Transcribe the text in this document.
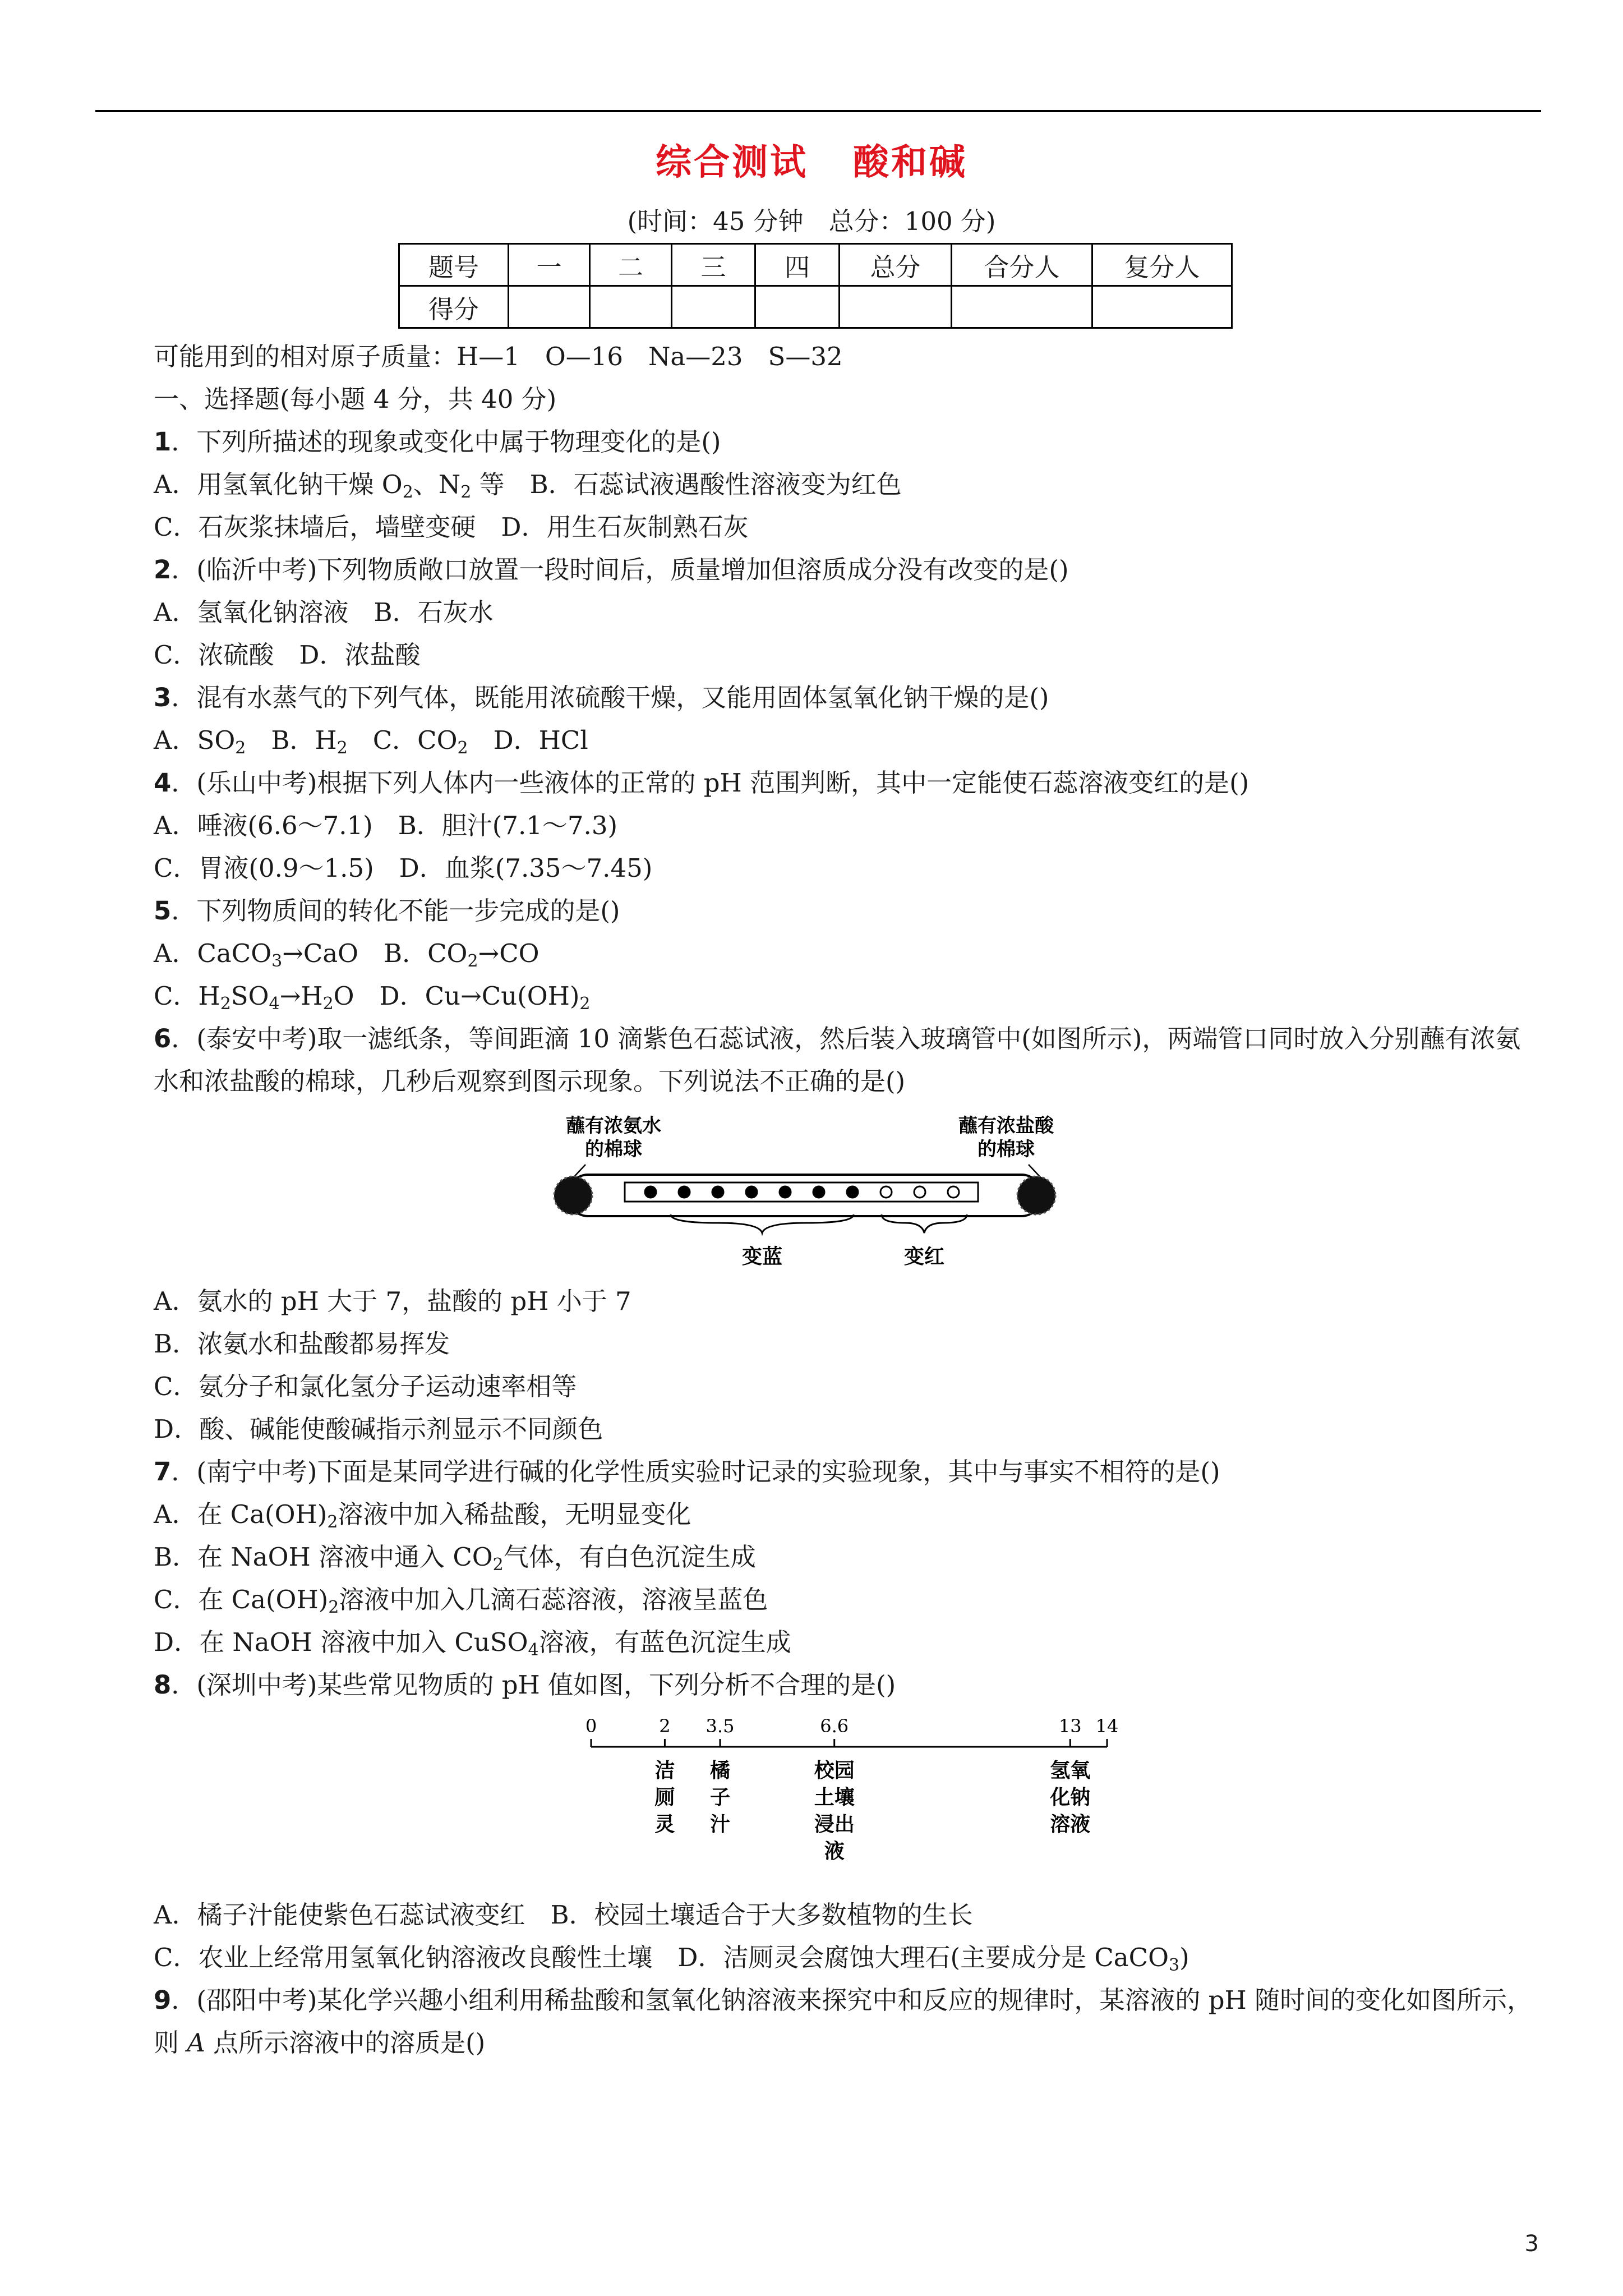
综合测试 酸和碱
(时间：45 分钟　总分：100 分)
题号	一	二	三	四	总分	合分人	复分人
得分							
可能用到的相对原子质量：H—1　O—16　Na—23　S—32
一、选择题(每小题 4 分，共 40 分)
1．下列所描述的现象或变化中属于物理变化的是()
A．用氢氧化钠干燥 $O_2$、$N_2$ 等　B．石蕊试液遇酸性溶液变为红色
C．石灰浆抹墙后，墙壁变硬　D．用生石灰制熟石灰
2．(临沂中考)下列物质敞口放置一段时间后，质量增加但溶质成分没有改变的是()
A．氢氧化钠溶液　B．石灰水
C．浓硫酸　D．浓盐酸
3．混有水蒸气的下列气体，既能用浓硫酸干燥，又能用固体氢氧化钠干燥的是()
A．$SO_2$　B．$H_2$　C．$CO_2$　D．HCl
4．(乐山中考)根据下列人体内一些液体的正常的 pH 范围判断，其中一定能使石蕊溶液变红的是()
A．唾液(6.6～7.1)　B．胆汁(7.1～7.3)
C．胃液(0.9～1.5)　D．血浆(7.35～7.45)
5．下列物质间的转化不能一步完成的是()
A．CaCO$_3$→CaO　B．$CO_2\to CO$
C．$H_2SO_4\to H_2O$　D．$Cu\to Cu(OH)_2$
6．(泰安中考)取一滤纸条，等间距滴 10 滴紫色石蕊试液，然后装入玻璃管中(如图所示)，两端管口同时放入分别蘸有浓氨水和浓盐酸的棉球，几秒后观察到图示现象。下列说法不正确的是()
蘸有浓氨水
的棉球
蘸有浓盐酸
的棉球
变蓝	变红
A．氨水的 pH 大于 7，盐酸的 pH 小于 7
B．浓氨水和盐酸都易挥发
C．氨分子和氯化氢分子运动速率相等
D．酸、碱能使酸碱指示剂显示不同颜色
7．(南宁中考)下面是某同学进行碱的化学性质实验时记录的实验现象，其中与事实不相符的是()
A．在 $Ca(OH)_2$溶液中加入稀盐酸，无明显变化
B．在 NaOH 溶液中通入 $CO_2$气体，有白色沉淀生成
C．在 $Ca(OH)_2$溶液中加入几滴石蕊溶液，溶液呈蓝色
D．在 NaOH 溶液中加入 CuSO$_4$溶液，有蓝色沉淀生成
8．(深圳中考)某些常见物质的 pH 值如图，下列分析不合理的是()
0	2 3.5	6.6	13 14
洁
厕
灵
橘
子
汁
校园
土壤
浸出
液
氢氧
化钠
溶液
A．橘子汁能使紫色石蕊试液变红　B．校园土壤适合于大多数植物的生长
C．农业上经常用氢氧化钠溶液改良酸性土壤　D．洁厕灵会腐蚀大理石(主要成分是 CaCO$_3$)
9．(邵阳中考)某化学兴趣小组利用稀盐酸和氢氧化钠溶液来探究中和反应的规律时，某溶液的 pH 随时间的变化如图所示，则 A 点所示溶液中的溶质是()
3
